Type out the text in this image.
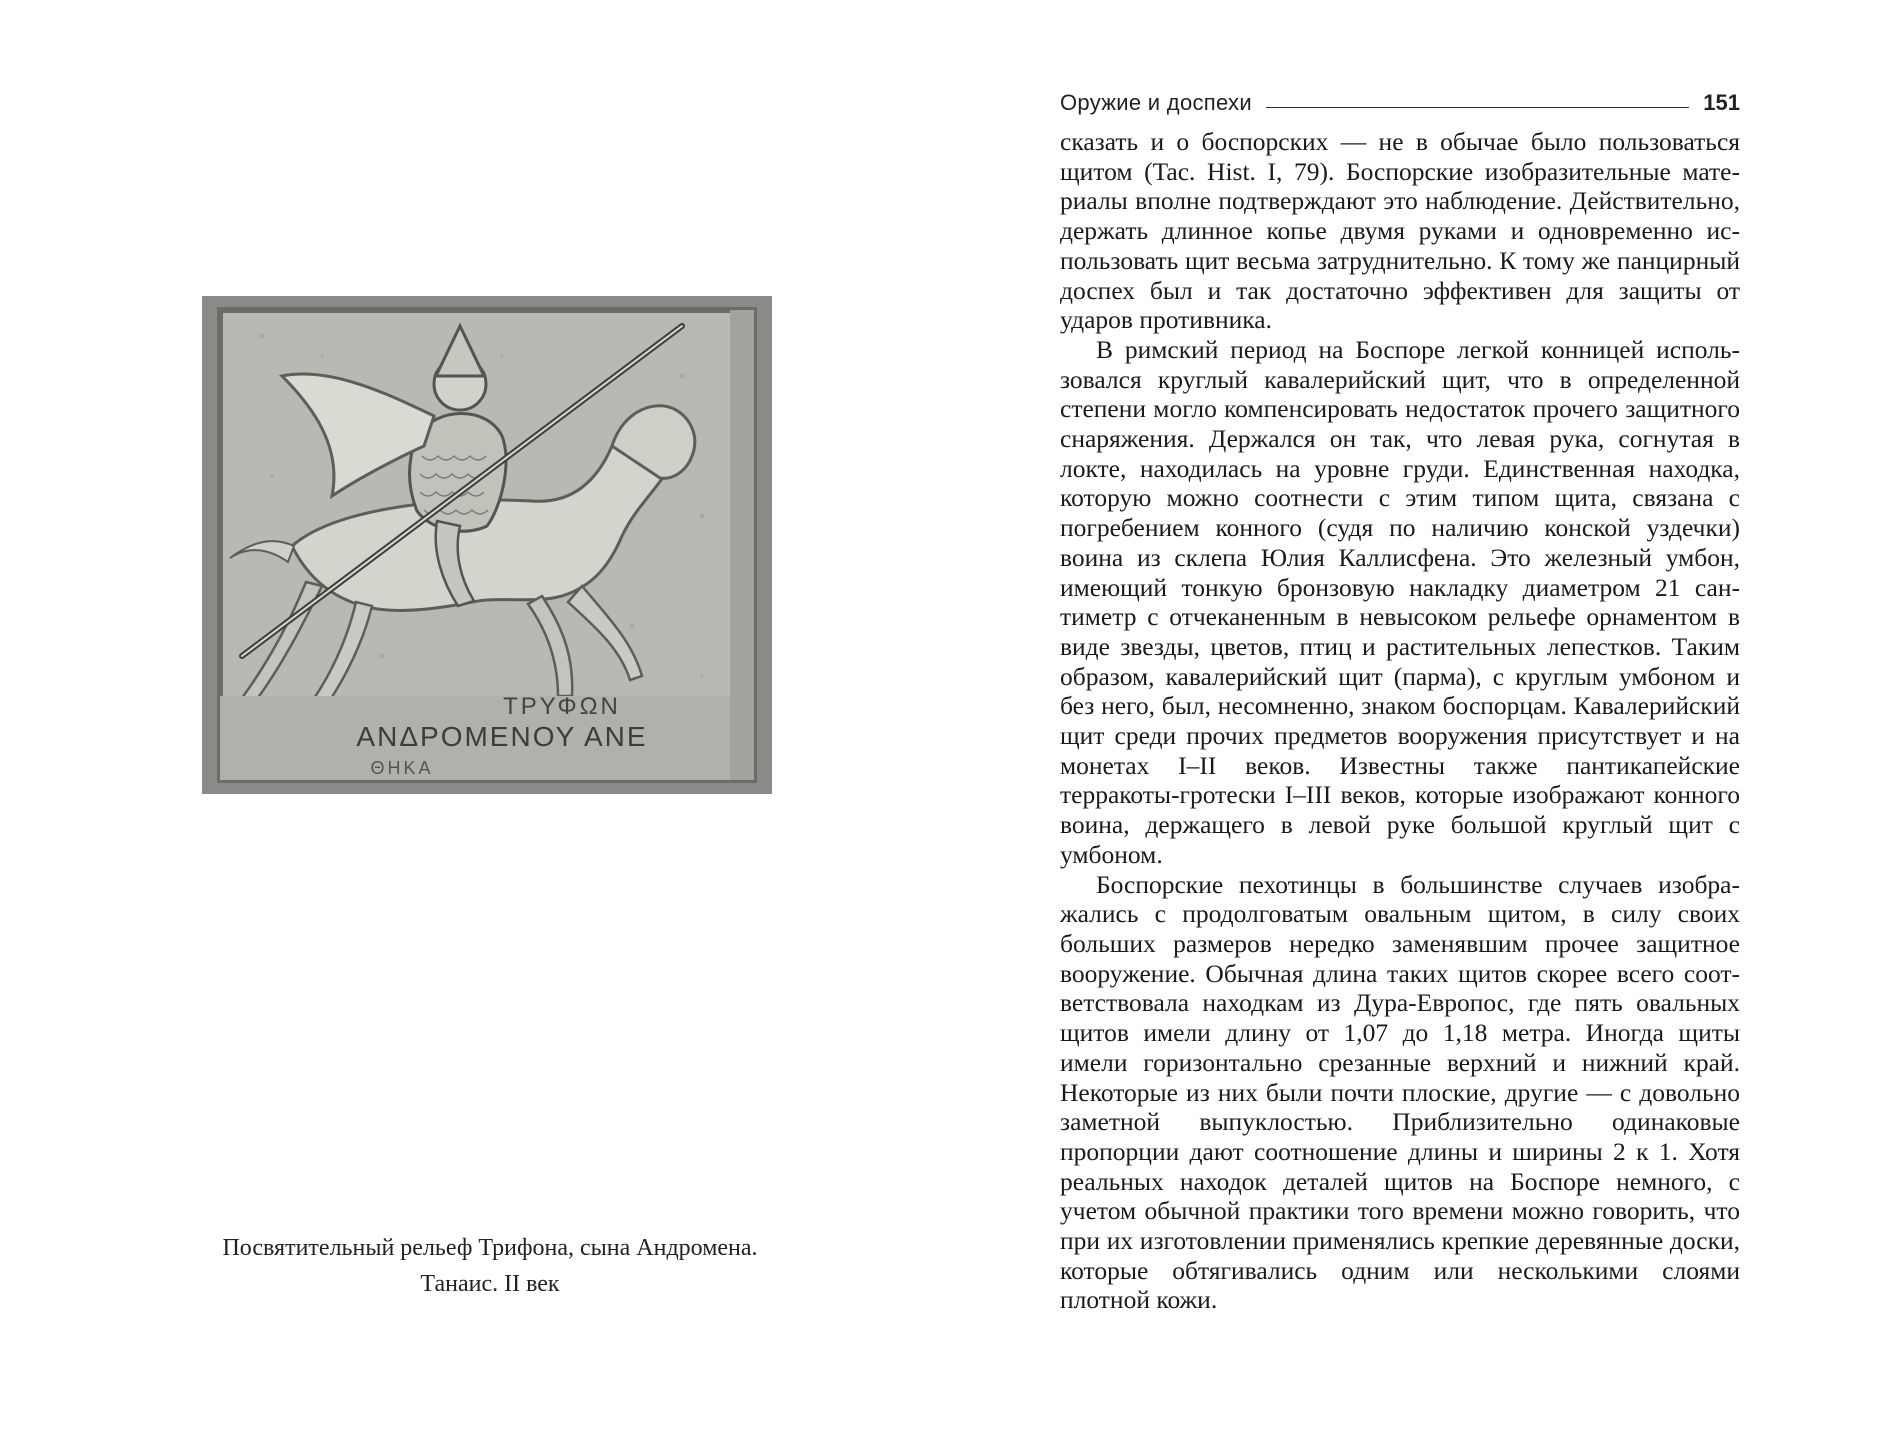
ΤΡΥΦΩΝ
ΑΝΔΡΟΜΕΝΟΥ ΑΝΕ
ΘΗΚΑ
Посвятительный рельеф Трифона, сына Андромена.
Танаис. II век
Оружие и доспехи	151

сказать и о боспорских — не в обычае было пользоваться щитом (Tac. Hist. I, 79). Боспорские изобразительные материалы вполне подтверждают это наблюдение. Действительно, держать длинное копье двумя руками и одновременно использовать щит весьма затруднительно. К тому же панцирный доспех был и так достаточно эффективен для защиты от ударов противника.

В римский период на Боспоре легкой конницей использовался круглый кавалерийский щит, что в определенной степени могло компенсировать недостаток прочего защитного снаряжения. Держался он так, что левая рука, согнутая в локте, находилась на уровне груди. Единственная находка, которую можно соотнести с этим типом щита, связана с погребением конного (судя по наличию конской уздечки) воина из склепа Юлия Каллисфена. Это железный умбон, имеющий тонкую бронзовую накладку диаметром 21 сантиметр с отчеканенным в невысоком рельефе орнаментом в виде звезды, цветов, птиц и растительных лепестков. Таким образом, кавалерийский щит (парма), с круглым умбоном и без него, был, несомненно, знаком боспорцам. Кавалерийский щит среди прочих предметов вооружения присутствует и на монетах I–II веков. Известны также пантикапейские терракоты-гротески I–III веков, которые изображают конного воина, держащего в левой руке большой круглый щит с умбоном.

Боспорские пехотинцы в большинстве случаев изображались с продолговатым овальным щитом, в силу своих больших размеров нередко заменявшим прочее защитное вооружение. Обычная длина таких щитов скорее всего соответствовала находкам из Дура-Европос, где пять овальных щитов имели длину от 1,07 до 1,18 метра. Иногда щиты имели горизонтально срезанные верхний и нижний край. Некоторые из них были почти плоские, другие — с довольно заметной выпуклостью. Приблизительно одинаковые пропорции дают соотношение длины и ширины 2 к 1. Хотя реальных находок деталей щитов на Боспоре немного, с учетом обычной практики того времени можно говорить, что при их изготовлении применялись крепкие деревянные доски, которые обтягивались одним или несколькими слоями плотной кожи.
